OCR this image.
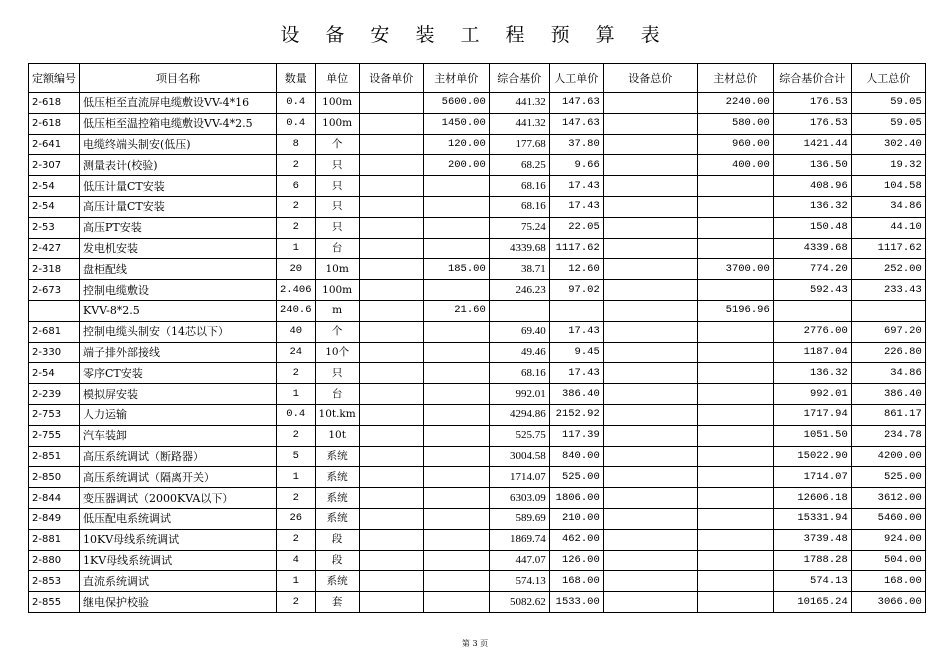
设 备 安 装 工 程 预 算 表
定额编号	项目名称	数量	单位	设备单价	主材单价	综合基价	人工单价	设备总价	主材总价	综合基价合计	人工总价
2-618	低压柜至直流屏电缆敷设VV-4*16	0.4	100m		5600.00	441.32	147.63		2240.00	176.53	59.05
2-618	低压柜至温控箱电缆敷设VV-4*2.5	0.4	100m		1450.00	441.32	147.63		580.00	176.53	59.05
2-641	电缆终端头制安(低压)	8	个		120.00	177.68	37.80		960.00	1421.44	302.40
2-307	测量表计(校验)	2	只		200.00	68.25	9.66		400.00	136.50	19.32
2-54	低压计量CT安装	6	只			68.16	17.43			408.96	104.58
2-54	高压计量CT安装	2	只			68.16	17.43			136.32	34.86
2-53	高压PT安装	2	只			75.24	22.05			150.48	44.10
2-427	发电机安装	1	台			4339.68	1117.62			4339.68	1117.62
2-318	盘柜配线	20	10m		185.00	38.71	12.60		3700.00	774.20	252.00
2-673	控制电缆敷设	2.406	100m			246.23	97.02			592.43	233.43
	KVV-8*2.5	240.6	m		21.60				5196.96		
2-681	控制电缆头制安（14芯以下）	40	个			69.40	17.43			2776.00	697.20
2-330	端子排外部接线	24	10个			49.46	9.45			1187.04	226.80
2-54	零序CT安装	2	只			68.16	17.43			136.32	34.86
2-239	模拟屏安装	1	台			992.01	386.40			992.01	386.40
2-753	人力运输	0.4	10t.km			4294.86	2152.92			1717.94	861.17
2-755	汽车装卸	2	10t			525.75	117.39			1051.50	234.78
2-851	高压系统调试（断路器）	5	系统			3004.58	840.00			15022.90	4200.00
2-850	高压系统调试（隔离开关）	1	系统			1714.07	525.00			1714.07	525.00
2-844	变压器调试（2000KVA以下）	2	系统			6303.09	1806.00			12606.18	3612.00
2-849	低压配电系统调试	26	系统			589.69	210.00			15331.94	5460.00
2-881	10KV母线系统调试	2	段			1869.74	462.00			3739.48	924.00
2-880	1KV母线系统调试	4	段			447.07	126.00			1788.28	504.00
2-853	直流系统调试	1	系统			574.13	168.00			574.13	168.00
2-855	继电保护校验	2	套			5082.62	1533.00			10165.24	3066.00
第 3 页
